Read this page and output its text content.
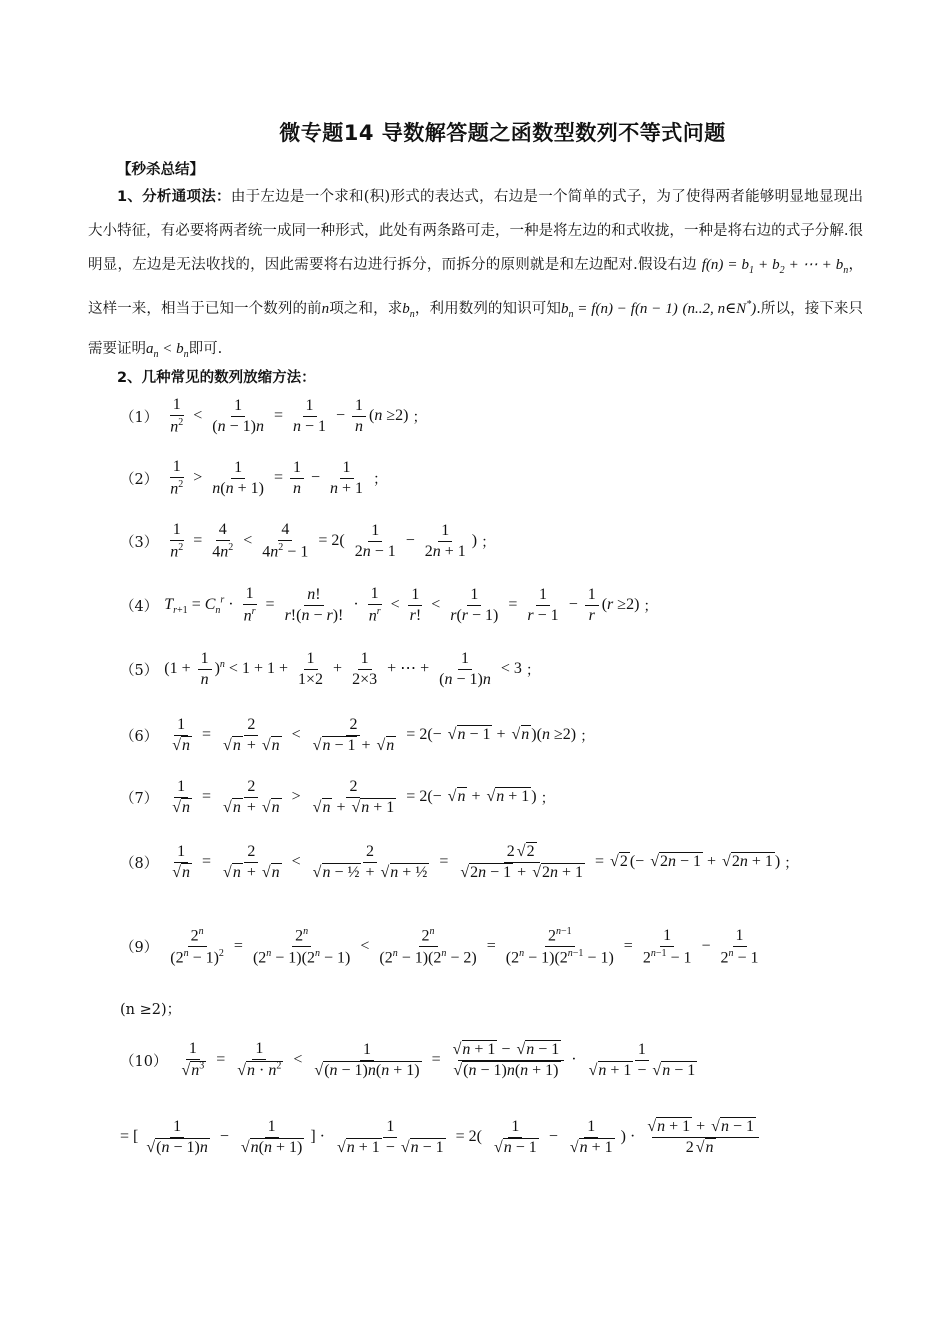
微专题14 导数解答题之函数型数列不等式问题
【秒杀总结】
1、分析通项法：由于左边是一个求和(积)形式的表达式，右边是一个简单的式子，为了使得两者能够明显地显现出大小特征，有必要将两者统一成同一种形式，此处有两条路可走，一种是将左边的和式收拢，一种是将右边的式子分解.很明显，左边是无法收找的，因此需要将右边进行拆分，而拆分的原则就是和左边配对.假设右边 $f(n) = b_1 + b_2$ + ⋯ + $b_n$，这样一来，相当于已知一个数列的前n项之和，求$b_n$，利用数列的知识可知$b_n = f(n) - f(n - 1)$ (n..2, n∈N*).所以，接下来只需要证明$a_n < b_n$即可.
2、几种常见的数列放缩方法：
$(1) \frac{1}{n^2} < \frac{1}{(n - 1)n} = \frac{1}{n - 1} - \frac{1}{n} (n \ge 2)$ ；
$(2) \frac{1}{n^2} > \frac{1}{n(n + 1)} = \frac{1}{n} - \frac{1}{n + 1}$ ；
$(3) \frac{1}{n^2} = \frac{4}{4n^2} < \frac{4}{4n^2 - 1} = 2( \frac{1}{2n - 1} - \frac{1}{2n + 1}$ ) ；
（4） $T_{r+1} = C_n^r \cdot \frac{1}{n^r} = \frac{n!}{r!(n - r)!} \cdot \frac{1}{n^r} < \frac{1}{r!} < \frac{1}{r(r - 1)} = \frac{1}{r - 1} - \frac{1}{r} (r \ge 2)$ ；
$(5)(1 + \frac{1}{n} )^n < 1 + 1 + \frac{1}{1\times 2} + \frac{1}{2\times 3}$ + ⋯ + $\frac{1}{(n - 1)n} < 3$ ；
（6） 1
√ n = 2
√ n + √ n < 2
√ n − 1 + √ n = 2(− √ n − 1 + √ n )(n ≥2) ；
（7） 1
√ n = 2
√ n + √ n > 2
√ n + √ n + 1 = 2(− √ n + √ n + 1 ) ；
（8） 1
√ n = 2
√ n + √ n < 2
√ n − ½ + √ n + ½ = 2 √ 2
√ 2n − 1 + √ 2n + 1 = √ 2 (− √ 2n − 1 + √ 2n + 1 ) ；
$(9) \frac{2^n}{(2^n - 1)^2} = \frac{2^n}{(2^n - 1)(2^n - 1)} < \frac{2^n}{(2^n - 1)(2^n - 2)} = \frac{2^{n-1}}{(2^n - 1)(2^{n-1} - 1)} = \frac{1}{2^{n-1} - 1} - \frac{1}{2^n - 1}$
(n ≥2)；
（10） 1
√ $n^3 = 1$
√ $n \cdot n^2 < 1$
√ (n − 1)n(n + 1) = √ n + 1 − √ n − 1
√ (n − 1)n(n + 1) · 1
√ n + 1 − √ n − 1
= [ 1
√ (n − 1)n − 1
√ n(n + 1) ] · 1
√ n + 1 − √ n − 1 = 2( 1
√ n − 1 − 1
√ n + 1 ) · √ $\frac{n + 1 + √ n - 1}{2 √ n}$
